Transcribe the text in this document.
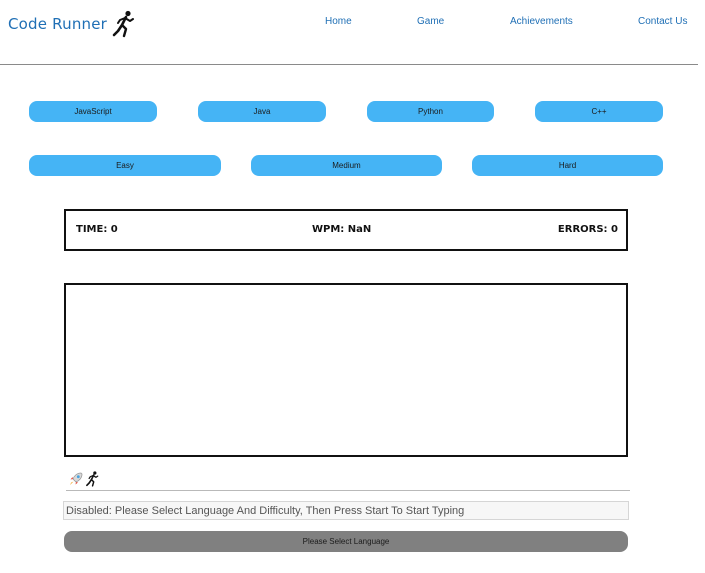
Code Runner	Home	Game	Achievements	Contact Us
JavaScript	Java	Python	C++
Easy	Medium	Hard
TIME: 0	WPM: NaN	ERRORS: 0
Disabled: Please Select Language And Difficulty, Then Press Start To Start Typing
Please Select Language
